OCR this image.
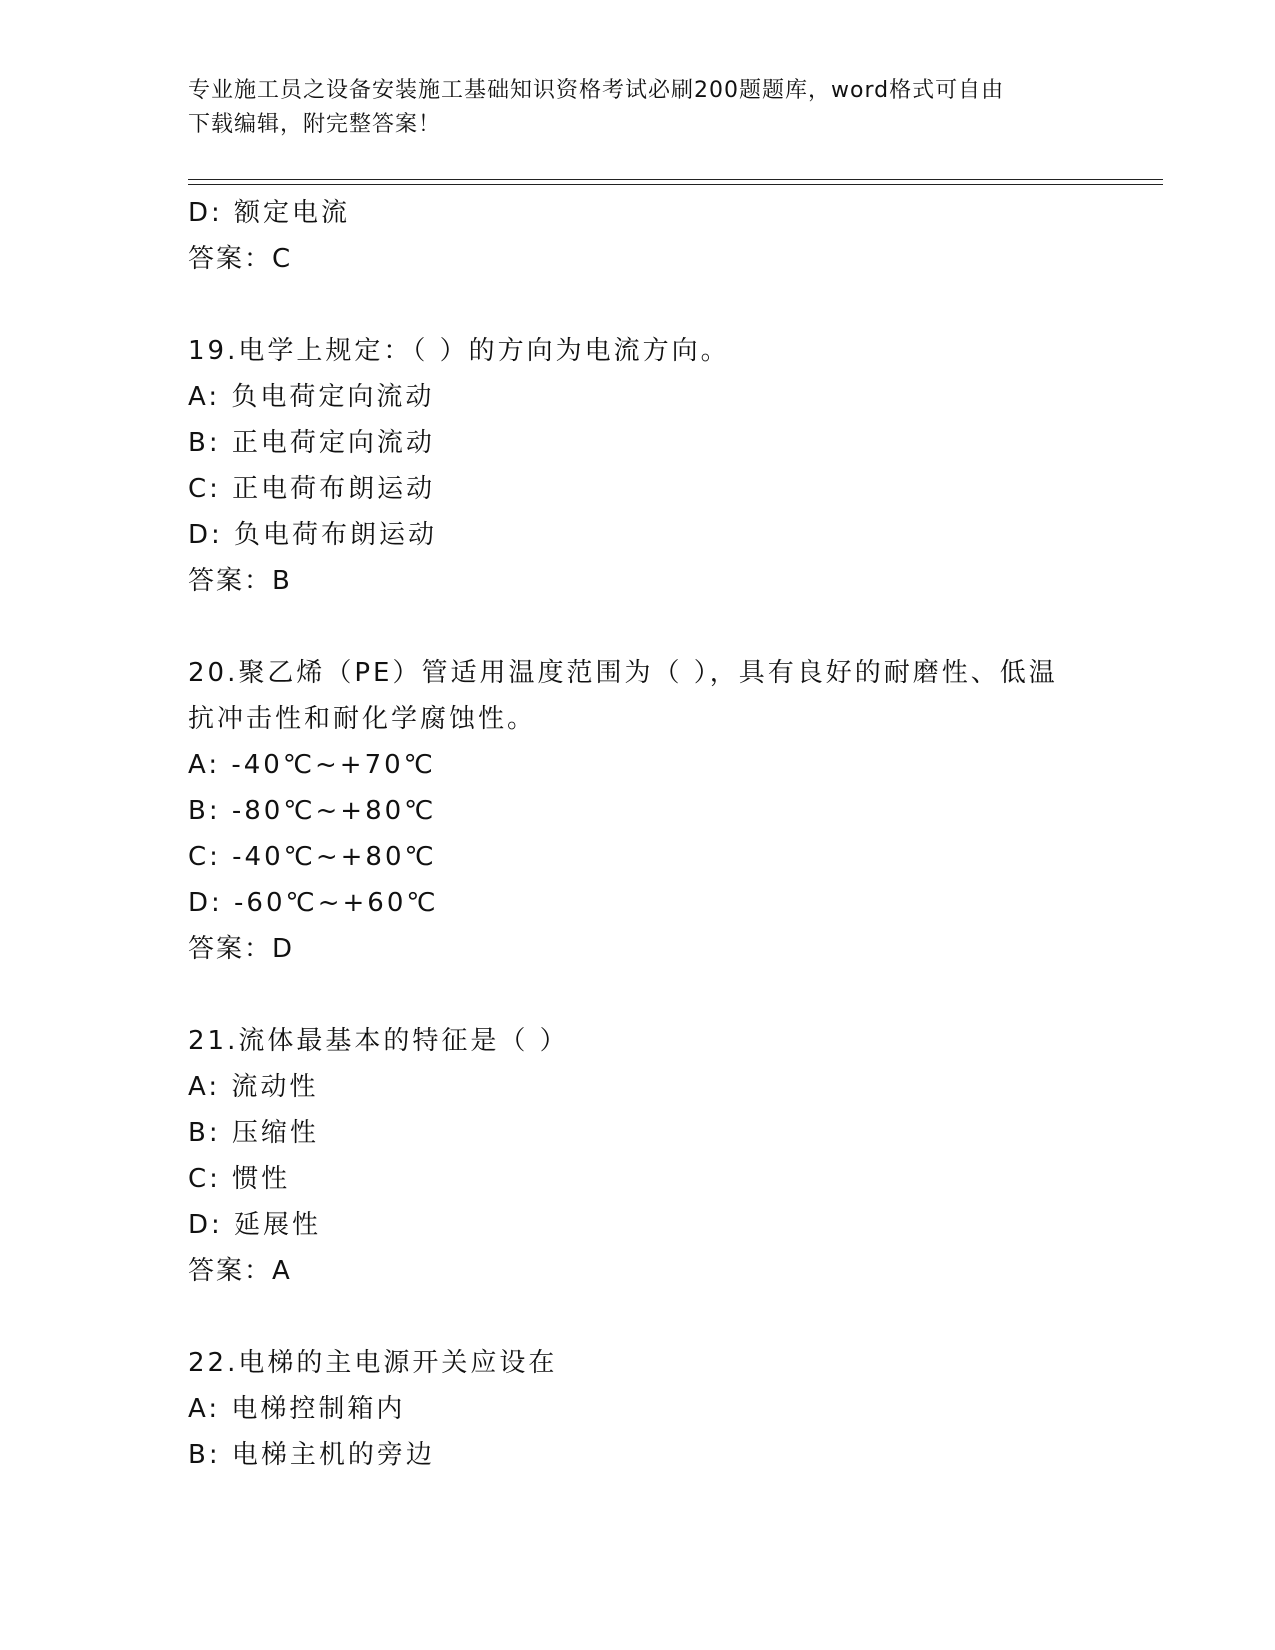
专业施工员之设备安装施工基础知识资格考试必刷200题题库，word格式可自由
下载编辑，附完整答案！
D: 额定电流
答案：C
19.电学上规定：（ ）的方向为电流方向。
A: 负电荷定向流动
B: 正电荷定向流动
C: 正电荷布朗运动
D: 负电荷布朗运动
答案：B
20.聚乙烯（PE）管适用温度范围为（ ），具有良好的耐磨性、低温
抗冲击性和耐化学腐蚀性。
A: -40℃~+70℃
B: -80℃~+80℃
C: -40℃~+80℃
D: -60℃~+60℃
答案：D
21.流体最基本的特征是（ ）
A: 流动性
B: 压缩性
C: 惯性
D: 延展性
答案：A
22.电梯的主电源开关应设在
A: 电梯控制箱内
B: 电梯主机的旁边
